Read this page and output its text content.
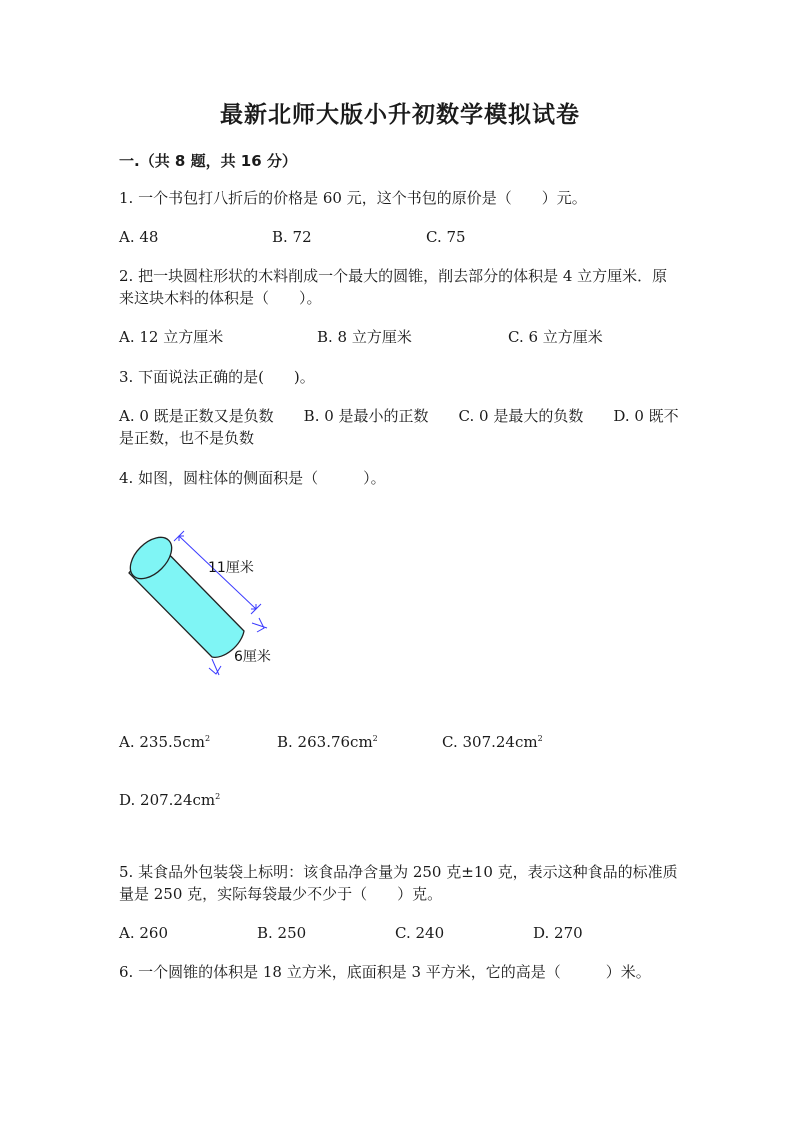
最新北师大版小升初数学模拟试卷
一.（共 8 题，共 16 分）
1. 一个书包打八折后的价格是 60 元，这个书包的原价是（　　）元。
A. 48	B. 72	C. 75
2. 把一块圆柱形状的木料削成一个最大的圆锥，削去部分的体积是 4 立方厘米．原来这块木料的体积是（　　）。
A. 12 立方厘米	B. 8 立方厘米	C. 6 立方厘米
3. 下面说法正确的是(　　)。
A. 0 既是正数又是负数　　B. 0 是最小的正数　　C. 0 是最大的负数　　D. 0 既不是正数，也不是负数
4. 如图，圆柱体的侧面积是（　　　）。
11厘米
6厘米
A. $235.5cm^2$	B. $263.76cm^2$	C. $307.24cm^2$
D. $207.24cm^2$
5. 某食品外包装袋上标明：该食品净含量为 250 克±10 克，表示这种食品的标准质量是 250 克，实际每袋最少不少于（　　）克。
A. 260	B. 250	C. 240	D. 270
6. 一个圆锥的体积是 18 立方米，底面积是 3 平方米，它的高是（　　　）米。
